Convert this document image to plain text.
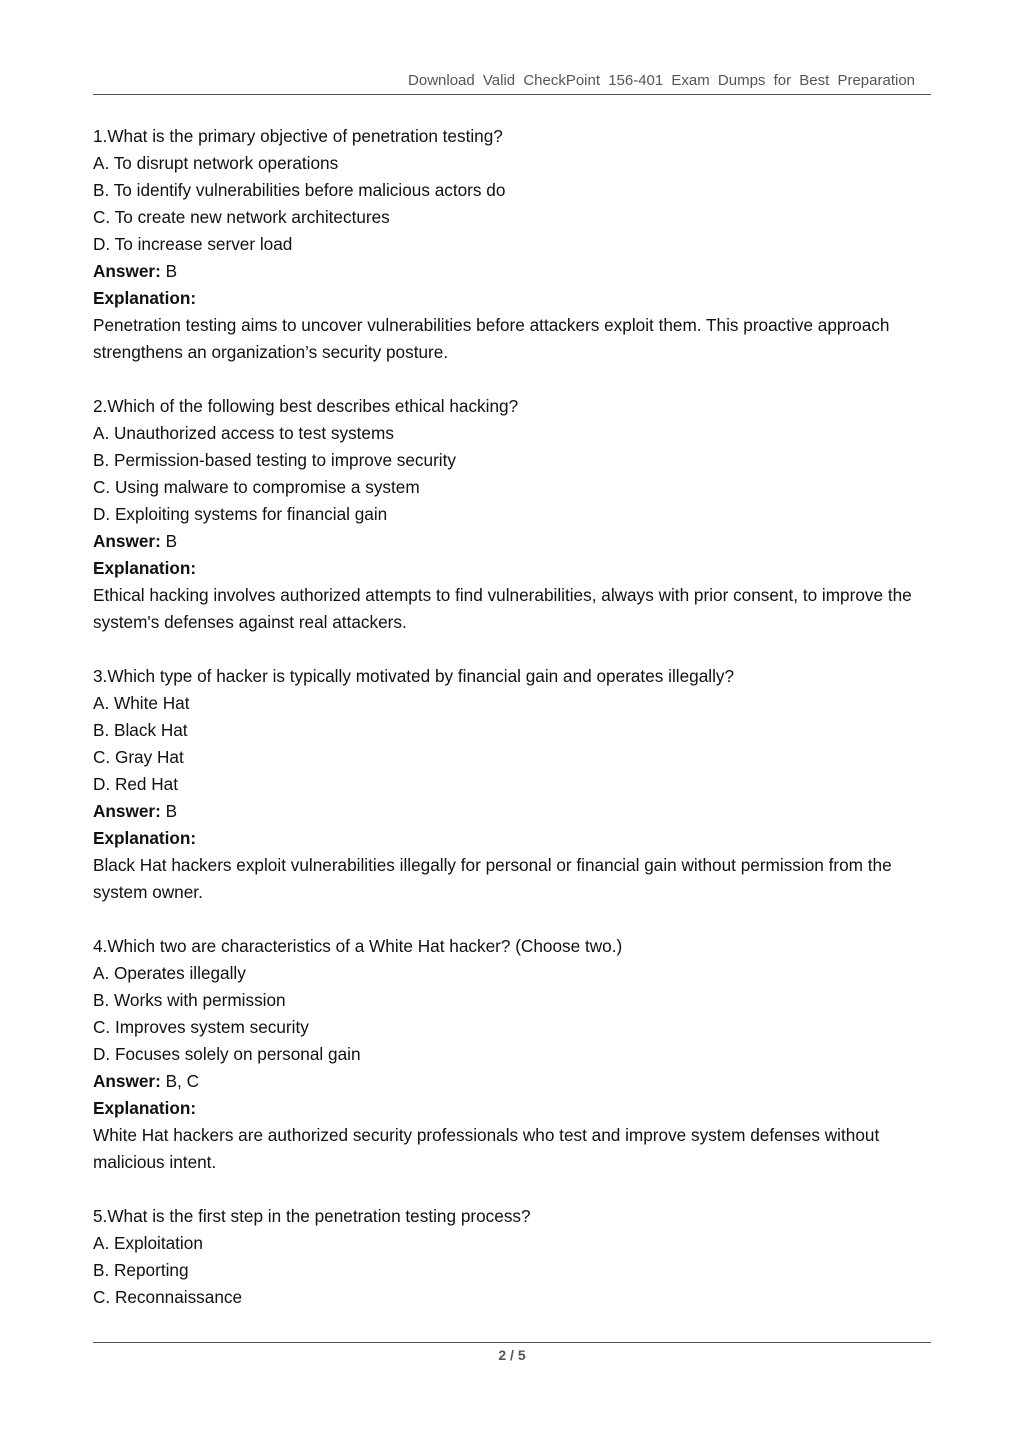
Download Valid CheckPoint 156-401 Exam Dumps for Best Preparation
1.What is the primary objective of penetration testing?
A. To disrupt network operations
B. To identify vulnerabilities before malicious actors do
C. To create new network architectures
D. To increase server load
Answer: B
Explanation:
Penetration testing aims to uncover vulnerabilities before attackers exploit them. This proactive approach strengthens an organization’s security posture.
2.Which of the following best describes ethical hacking?
A. Unauthorized access to test systems
B. Permission-based testing to improve security
C. Using malware to compromise a system
D. Exploiting systems for financial gain
Answer: B
Explanation:
Ethical hacking involves authorized attempts to find vulnerabilities, always with prior consent, to improve the system's defenses against real attackers.
3.Which type of hacker is typically motivated by financial gain and operates illegally?
A. White Hat
B. Black Hat
C. Gray Hat
D. Red Hat
Answer: B
Explanation:
Black Hat hackers exploit vulnerabilities illegally for personal or financial gain without permission from the system owner.
4.Which two are characteristics of a White Hat hacker? (Choose two.)
A. Operates illegally
B. Works with permission
C. Improves system security
D. Focuses solely on personal gain
Answer: B, C
Explanation:
White Hat hackers are authorized security professionals who test and improve system defenses without malicious intent.
5.What is the first step in the penetration testing process?
A. Exploitation
B. Reporting
C. Reconnaissance
2 / 5
